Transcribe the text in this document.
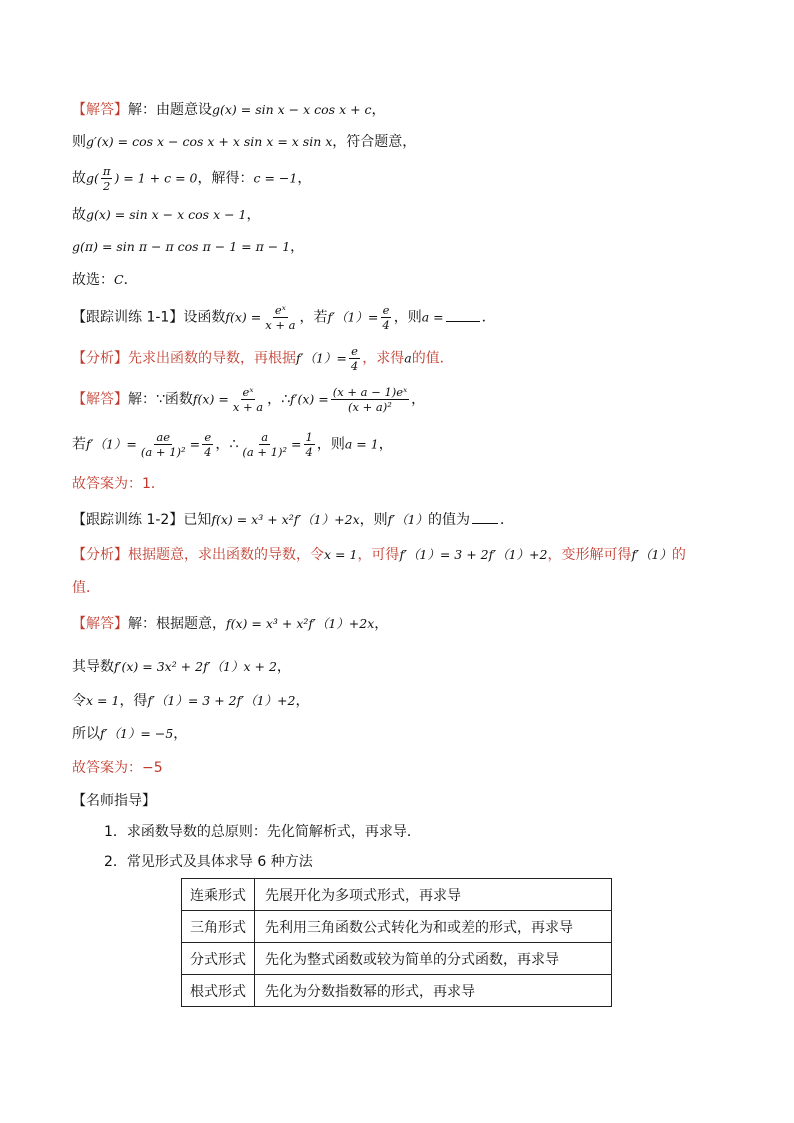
【解答】解：由题意设g(x) = sin x − x cos x + c，
则g′(x) = cos x − cos x + x sin x = x sin x，符合题意，
故$g( \frac{\pi}{2}$ ) = 1 + c = 0，解得：c = −1，
故g(x) = sin x − x cos x − 1，
g(π) = sin π − π cos π − 1 = π − 1，
故选：C．
【跟踪训练 1-1】设函数$f(x) = \frac{\text{eˣ}}{x + a}$ ，若$f'(1)= \frac{e}{4}$ ，则a =	．
【分析】先求出函数的导数，再根据$f'(1)= \frac{e}{4}$ ，求得a的值．
【解答】解：∵函数$f(x) = \frac{\text{eˣ}}{x + a}$ ，∴f′(x) = $\frac{\text{(x + a − 1)eˣ}}{\text{(x + a)²}}$ ，
若$f'(1)= \frac{ae}{\text{(a + 1)²}} = \frac{e}{4}$ ，∴ $\frac{a}{\text{(a + 1)²}} = \frac{1}{4}$ ，则a = 1，
故答案为：1．
【跟踪训练 1-2】已知f(x) = x³ + x²f′（1）+2x，则f′（1）的值为 ．
【分析】根据题意，求出函数的导数，令x = 1，可得f′（1）= 3 + 2f′（1）+2，变形解可得f′（1）的
值．
【解答】解：根据题意，f(x) = x³ + x²f′（1）+2x，
其导数f′(x) = 3x² + 2f′（1）x + 2，
令x = 1，得f′（1）= 3 + 2f′（1）+2，
所以f′（1）= −5，
故答案为：−5
【名师指导】
1．求函数导数的总原则：先化简解析式，再求导．
2．常见形式及具体求导 6 种方法
连乘形式	先展开化为多项式形式，再求导
三角形式	先利用三角函数公式转化为和或差的形式，再求导
分式形式	先化为整式函数或较为简单的分式函数，再求导
根式形式	先化为分数指数幂的形式，再求导
